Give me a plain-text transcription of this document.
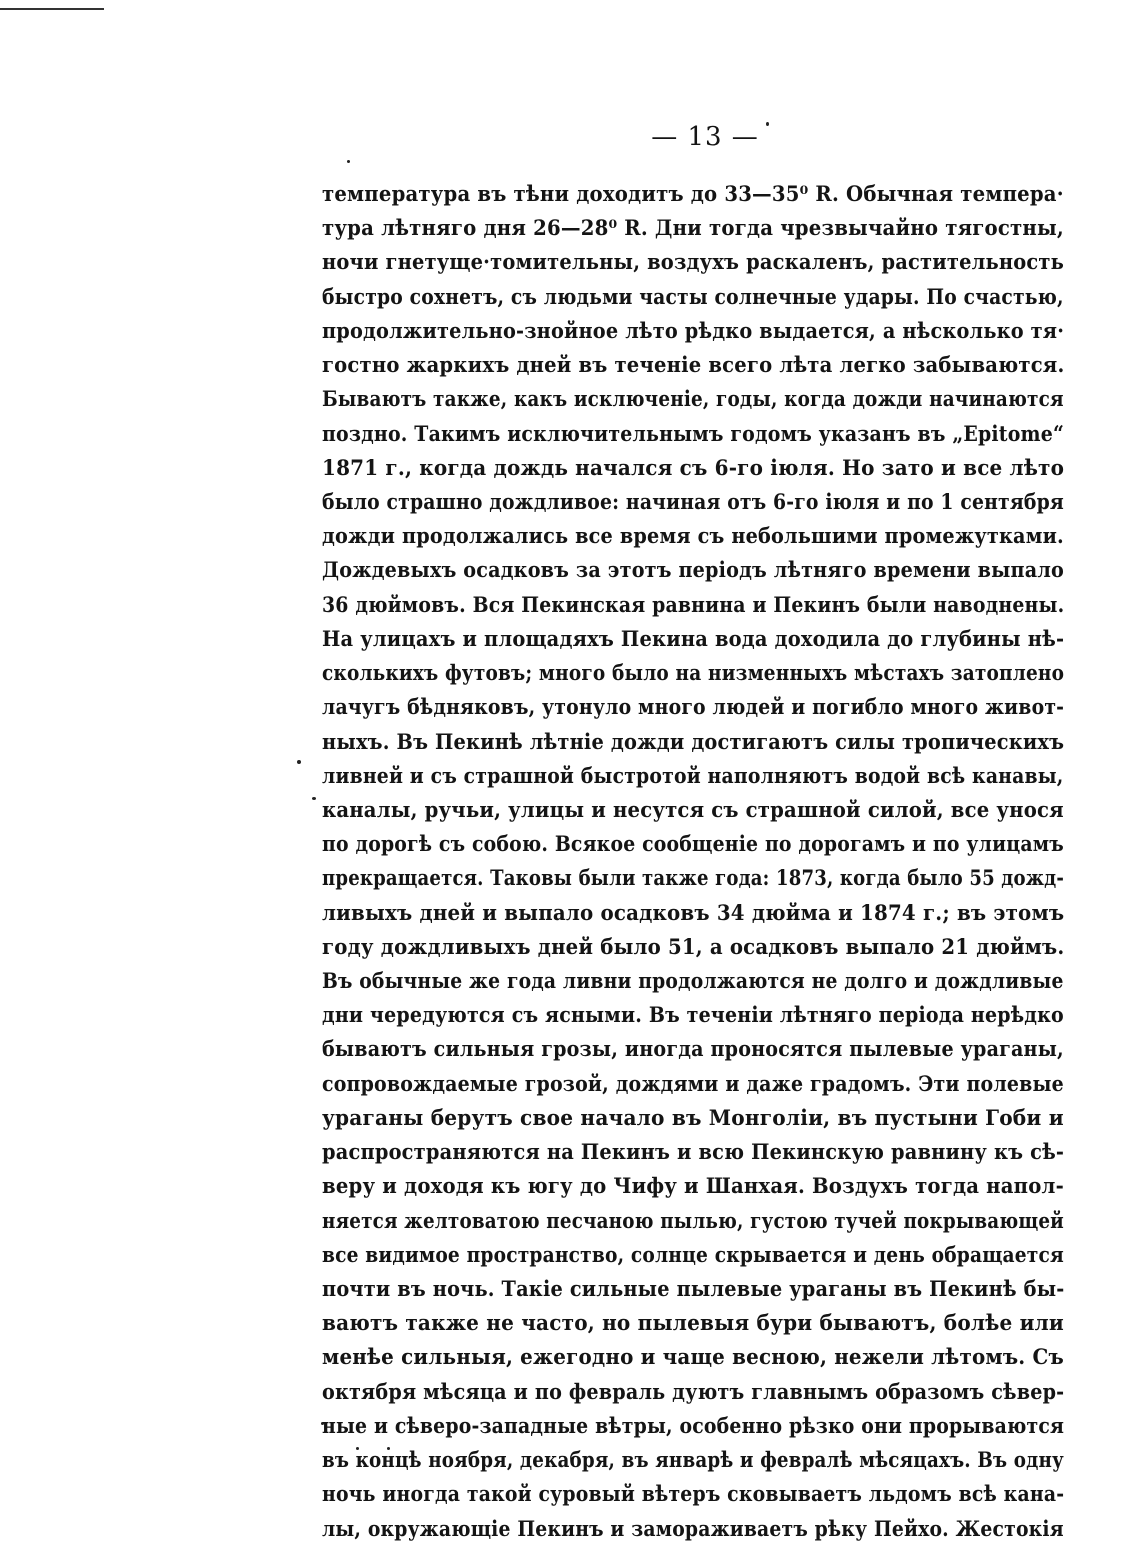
— 13 —
температура въ тѣни доходитъ до 33—35⁰ R. Обычная темпера·
тура лѣтняго дня 26—28⁰ R. Дни тогда чрезвычайно тягостны,
ночи гнетуще·томительны, воздухъ раскаленъ, растительность
быстро сохнетъ, съ людьми часты солнечные удары. По счастью,
продолжительно-знойное лѣто рѣдко выдается, а нѣсколько тя·
гостно жаркихъ дней въ теченіе всего лѣта легко забываются.
Бываютъ также, какъ исключеніе, годы, когда дожди начинаются
поздно. Такимъ исключительнымъ годомъ указанъ въ „Epitome“
1871 г., когда дождь начался съ 6-го іюля. Но зато и все лѣто
было страшно дождливое: начиная отъ 6-го іюля и по 1 сентября
дожди продолжались все время съ небольшими промежутками.
Дождевыхъ осадковъ за этотъ періодъ лѣтняго времени выпало
36 дюймовъ. Вся Пекинская равнина и Пекинъ были наводнены.
На улицахъ и площадяхъ Пекина вода доходила до глубины нѣ-
сколькихъ футовъ; много было на низменныхъ мѣстахъ затоплено
лачугъ бѣдняковъ, утонуло много людей и погибло много живот-
ныхъ. Въ Пекинѣ лѣтніе дожди достигаютъ силы тропическихъ
ливней и съ страшной быстротой наполняютъ водой всѣ канавы,
каналы, ручьи, улицы и несутся съ страшной силой, все унося
по дорогѣ съ собою. Всякое сообщеніе по дорогамъ и по улицамъ
прекращается. Таковы были также года: 1873, когда было 55 дожд-
ливыхъ дней и выпало осадковъ 34 дюйма и 1874 г.; въ этомъ
году дождливыхъ дней было 51, а осадковъ выпало 21 дюймъ.
Въ обычные же года ливни продолжаются не долго и дождливые
дни чередуются съ ясными. Въ теченіи лѣтняго періода нерѣдко
бываютъ сильныя грозы, иногда проносятся пылевые ураганы,
сопровождаемые грозой, дождями и даже градомъ. Эти полевые
ураганы берутъ свое начало въ Монголіи, въ пустыни Гоби и
распространяются на Пекинъ и всю Пекинскую равнину къ сѣ-
веру и доходя къ югу до Чифу и Шанхая. Воздухъ тогда напол-
няется желтоватою песчаною пылью, густою тучей покрывающей
все видимое пространство, солнце скрывается и день обращается
почти въ ночь. Такіе сильные пылевые ураганы въ Пекинѣ бы-
ваютъ также не часто, но пылевыя бури бываютъ, болѣе или
менѣе сильныя, ежегодно и чаще весною, нежели лѣтомъ. Съ
октября мѣсяца и по февраль дуютъ главнымъ образомъ сѣвер-
ные и сѣверо-западные вѣтры, особенно рѣзко они прорываются
въ концѣ ноября, декабря, въ январѣ и февралѣ мѣсяцахъ. Въ одну
ночь иногда такой суровый вѣтеръ сковываетъ льдомъ всѣ кана-
лы, окружающіе Пекинъ и замораживаетъ рѣку Пейхо. Жестокія
